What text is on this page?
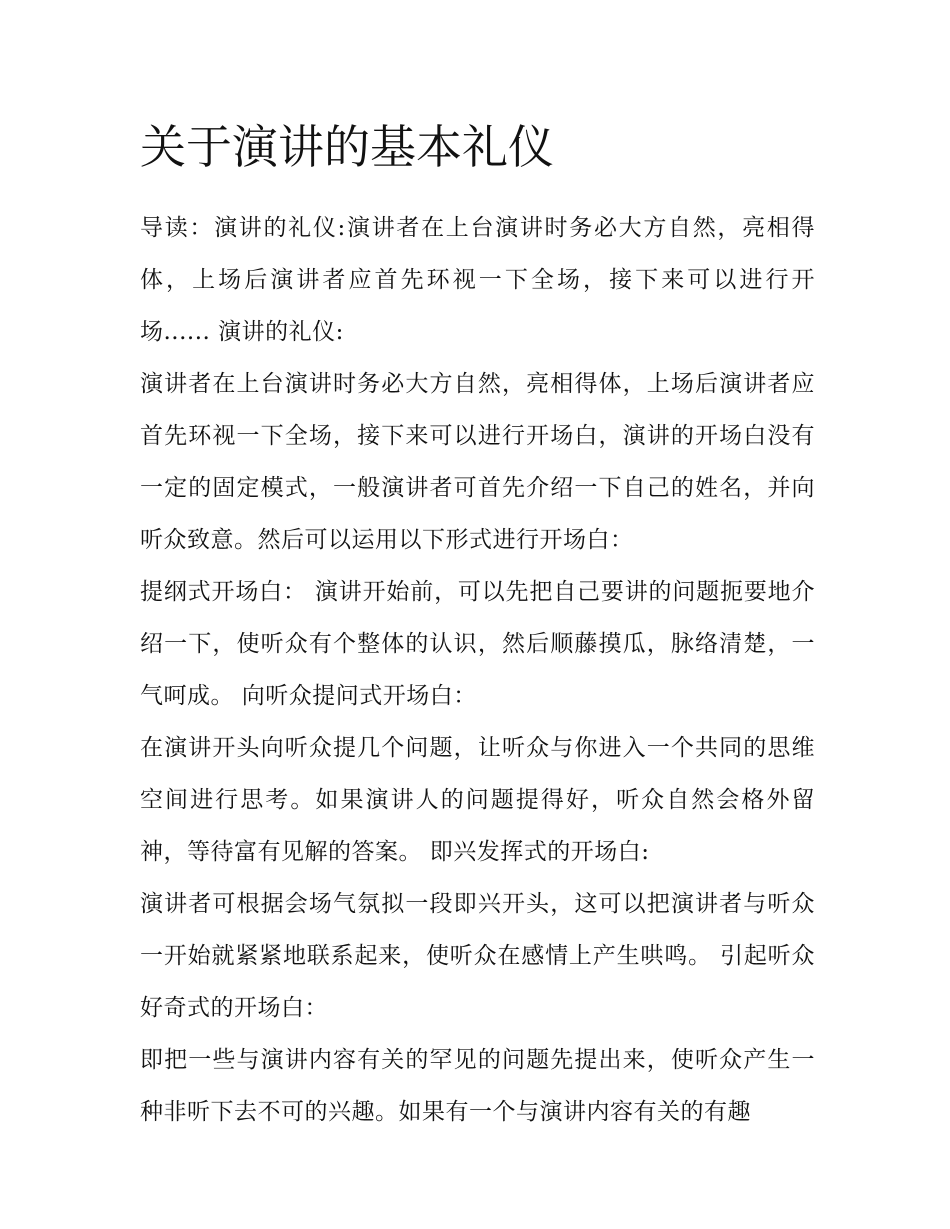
关于演讲的基本礼仪

导读：演讲的礼仪:演讲者在上台演讲时务必大方自然，亮相得体，上场后演讲者应首先环视一下全场，接下来可以进行开场...... 演讲的礼仪:

演讲者在上台演讲时务必大方自然，亮相得体，上场后演讲者应首先环视一下全场，接下来可以进行开场白，演讲的开场白没有一定的固定模式，一般演讲者可首先介绍一下自己的姓名，并向听众致意。然后可以运用以下形式进行开场白：

提纲式开场白： 演讲开始前，可以先把自己要讲的问题扼要地介绍一下，使听众有个整体的认识，然后顺藤摸瓜，脉络清楚，一气呵成。 向听众提问式开场白：

在演讲开头向听众提几个问题，让听众与你进入一个共同的思维空间进行思考。如果演讲人的问题提得好，听众自然会格外留神，等待富有见解的答案。 即兴发挥式的开场白:

演讲者可根据会场气氛拟一段即兴开头，这可以把演讲者与听众一开始就紧紧地联系起来，使听众在感情上产生哄鸣。 引起听众好奇式的开场白：

即把一些与演讲内容有关的罕见的问题先提出来，使听众产生一种非听下去不可的兴趣。如果有一个与演讲内容有关的有趣
